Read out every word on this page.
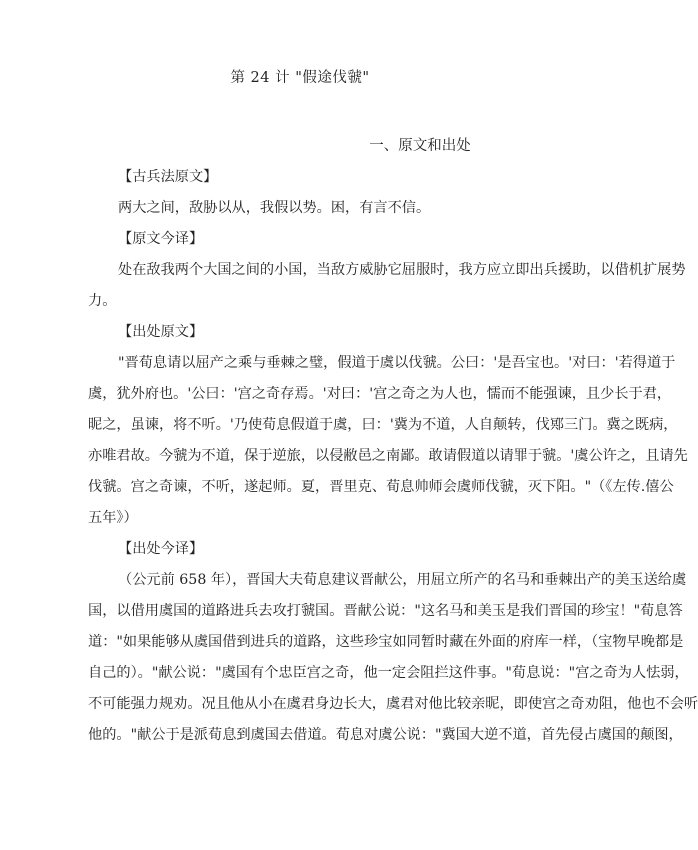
第 24 计 "假途伐虢"
一、原文和出处
【古兵法原文】
两大之间，敌胁以从，我假以势。困，有言不信。
【原文今译】
处在敌我两个大国之间的小国，当敌方威胁它屈服时，我方应立即出兵援助，以借机扩展势
力。
【出处原文】
"晋荀息请以屈产之乘与垂棘之璧，假道于虞以伐虢。公曰：'是吾宝也。'对曰：'若得道于
虞，犹外府也。'公曰：'宫之奇存焉。'对曰：'宫之奇之为人也，懦而不能强谏，且少长于君，
昵之，虽谏，将不听。'乃使荀息假道于虞，曰：'冀为不道，人自颠转，伐鄍三门。冀之既病，
亦唯君故。今虢为不道，保于逆旅，以侵敝邑之南鄙。敢请假道以请罪于虢。'虞公许之，且请先
伐虢。宫之奇谏，不听，遂起师。夏，晋里克、荀息帅师会虞师伐虢，灭下阳。"（《左传.僖公
五年》）
【出处今译】
（公元前 658 年），晋国大夫荀息建议晋献公，用屈立所产的名马和垂棘出产的美玉送给虞
国，以借用虞国的道路进兵去攻打虢国。晋献公说："这名马和美玉是我们晋国的珍宝！"荀息答
道："如果能够从虞国借到进兵的道路，这些珍宝如同暂时藏在外面的府库一样，（宝物早晚都是
自己的）。"献公说："虞国有个忠臣宫之奇，他一定会阻拦这件事。"荀息说："宫之奇为人怯弱，
不可能强力规劝。况且他从小在虞君身边长大，虞君对他比较亲昵，即使宫之奇劝阻，他也不会听
他的。"献公于是派荀息到虞国去借道。荀息对虞公说："冀国大逆不道，首先侵占虞国的颠图，
